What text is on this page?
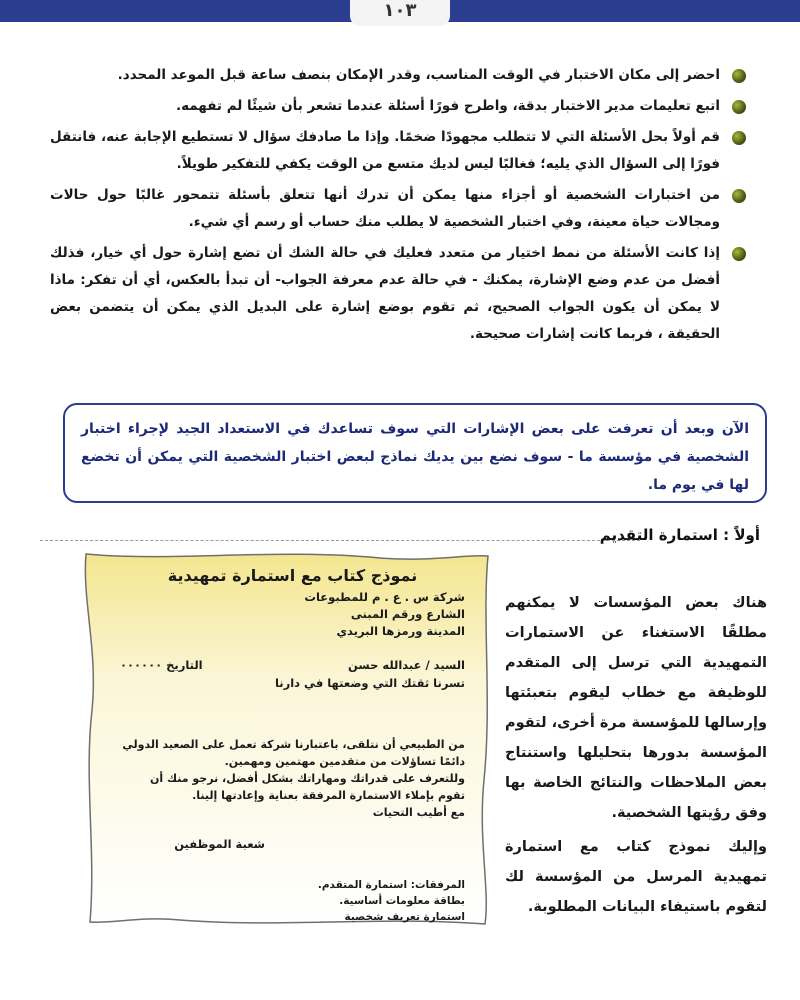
١٠٣
احضر إلى مكان الاختبار في الوقت المناسب، وقدر الإمكان بنصف ساعة قبل الموعد المحدد.
اتبع تعليمات مدير الاختبار بدقة، واطرح فورًا أسئلة عندما تشعر بأن شيئًا لم تفهمه.
قم أولاً بحل الأسئلة التي لا تتطلب مجهودًا ضخمًا. وإذا ما صادفك سؤال لا تستطيع الإجابة عنه، فانتقل فورًا إلى السؤال الذي يليه؛ فغالبًا ليس لديك متسع من الوقت يكفي للتفكير طويلاً.
من اختبارات الشخصية أو أجزاء منها يمكن أن تدرك أنها تتعلق بأسئلة تتمحور غالبًا حول حالات ومجالات حياة معينة، وفي اختبار الشخصية لا يطلب منك حساب أو رسم أي شيء.
إذا كانت الأسئلة من نمط اختيار من متعدد فعليك في حالة الشك أن تضع إشارة حول أي خيار، فذلك أفضل من عدم وضع الإشارة، يمكنك - في حالة عدم معرفة الجواب- أن تبدأ بالعكس، أي أن تفكر: ماذا لا يمكن أن يكون الجواب الصحيح، ثم تقوم بوضع إشارة على البديل الذي يمكن أن يتضمن بعض الحقيقة ، فربما كانت إشارات صحيحة.
الآن وبعد أن تعرفت على بعض الإشارات التي سوف تساعدك في الاستعداد الجيد لإجراء اختبار الشخصية في مؤسسة ما - سوف نضع بين يديك نماذج لبعض اختبار الشخصية التي يمكن أن تخضع لها في يوم ما.
أولاً : استمارة التقديم
هناك بعض المؤسسات لا يمكنهم مطلقًا الاستغناء عن الاستمارات التمهيدية التي ترسل إلى المتقدم للوظيفة مع خطاب ليقوم بتعبئتها وإرسالها للمؤسسة مرة أخرى، لتقوم المؤسسة بدورها بتحليلها واستنتاج بعض الملاحظات والنتائج الخاصة بها وفق رؤيتها الشخصية.
وإليك نموذج كتاب مع استمارة تمهيدية المرسل من المؤسسة لك لتقوم باستيفاء البيانات المطلوبة.
نموذج كتاب مع استمارة تمهيدية
شركة س . ع . م للمطبوعات
الشارع ورقم المبنى
المدينة ورمزها البريدي
السيد / عبدالله حسن
التاريخ ٠٠٠٠٠٠
تسرنا ثقتك التي وضعتها في دارنا
من الطبيعي أن نتلقى، باعتبارنا شركة تعمل على الصعيد الدولي دائمًا تساؤلات من متقدمين مهتمين ومهمين.
وللتعرف على قدراتك ومهاراتك بشكل أفضل، نرجو منك أن تقوم بإملاء الاستمارة المرفقة بعناية وإعادتها إلينا.
مع أطيب التحيات
شعبة الموظفين
المرفقات: استمارة المتقدم.
بطاقة معلومات أساسية.
استمارة تعريف شخصية
